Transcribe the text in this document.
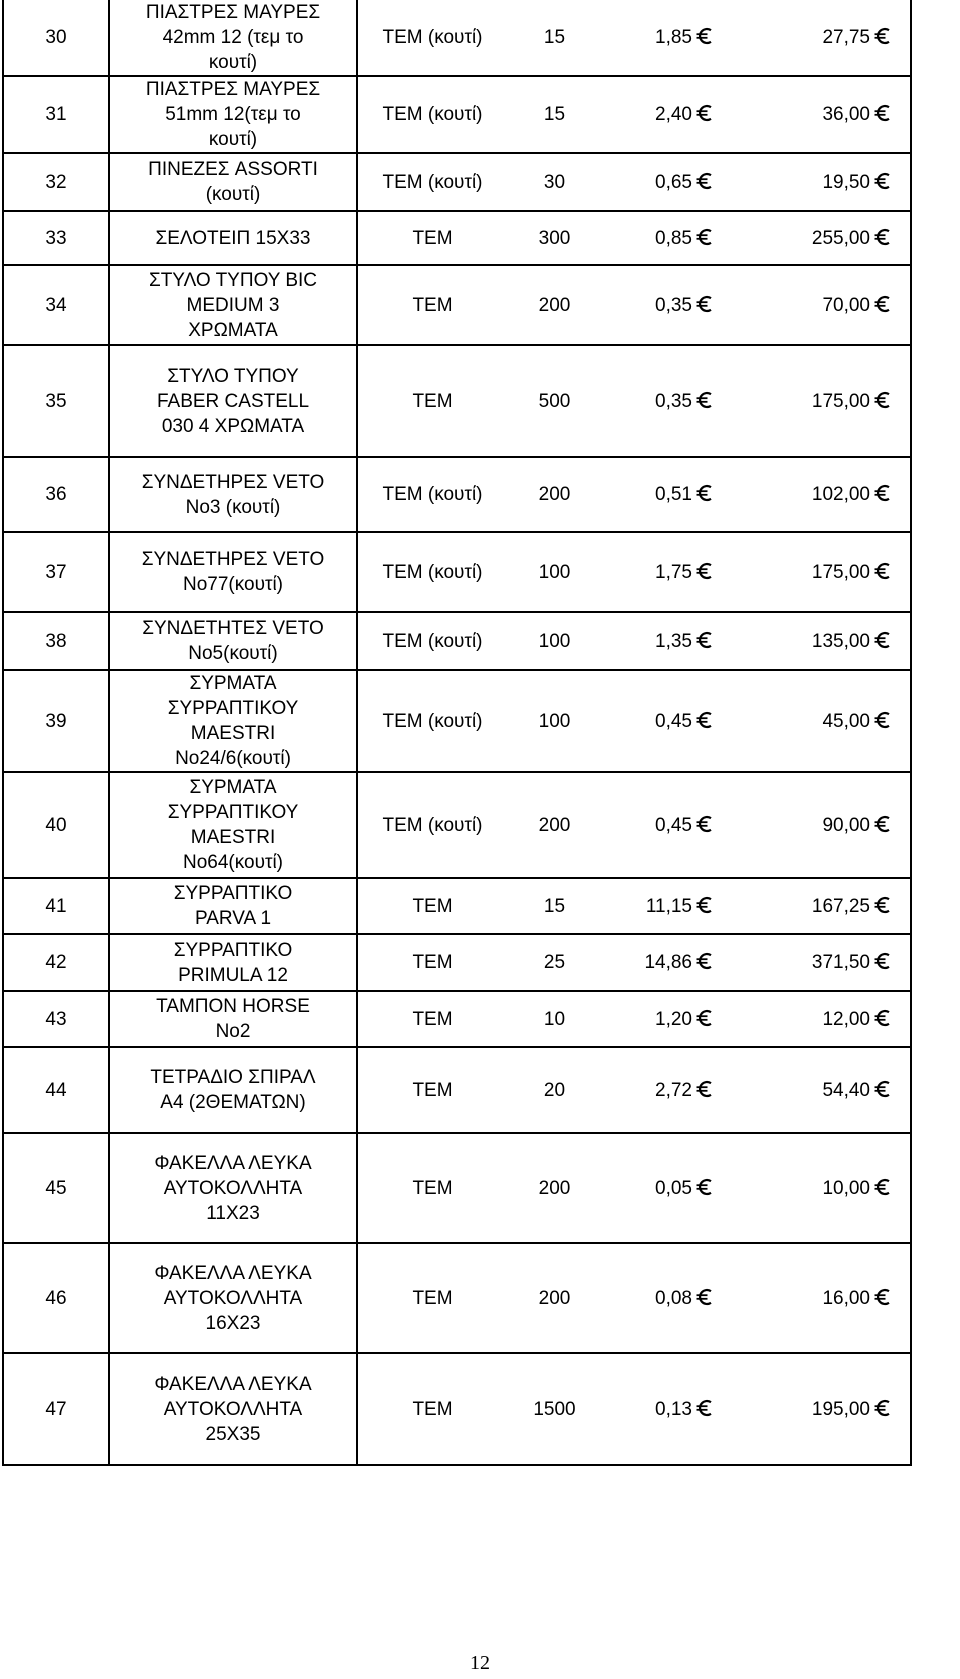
30	ΠΙΑΣΤΡΕΣ ΜΑΥΡΕΣ
42mm 12 (τεμ το
κουτί)	ΤΕΜ (κουτί)	15	1,85	27,75
31	ΠΙΑΣΤΡΕΣ ΜΑΥΡΕΣ
51mm 12(τεμ το
κουτί)	ΤΕΜ (κουτί)	15	2,40	36,00
32	ΠΙΝΕΖΕΣ ASSORTI
(κουτί)	ΤΕΜ (κουτί)	30	0,65	19,50
33	ΣΕΛΟΤΕΙΠ 15Χ33	ΤΕΜ	300	0,85	255,00
34	ΣΤΥΛΟ ΤΥΠΟΥ BIC
MEDIUM 3
ΧΡΩΜΑΤΑ	ΤΕΜ	200	0,35	70,00
35	ΣΤΥΛΟ ΤΥΠΟΥ
FABER CASTELL
030 4 ΧΡΩΜΑΤΑ	ΤΕΜ	500	0,35	175,00
36	ΣΥΝΔΕΤΗΡΕΣ VETO
No3 (κουτί)	ΤΕΜ (κουτί)	200	0,51	102,00
37	ΣΥΝΔΕΤΗΡΕΣ VETO
No77(κουτί)	ΤΕΜ (κουτί)	100	1,75	175,00
38	ΣΥΝΔΕΤΗΤΕΣ VETO
No5(κουτί)	ΤΕΜ (κουτί)	100	1,35	135,00
39	ΣΥΡΜΑΤΑ
ΣΥΡΡΑΠΤΙΚΟΥ
MAESTRI
No24/6(κουτί)	ΤΕΜ (κουτί)	100	0,45	45,00
40	ΣΥΡΜΑΤΑ
ΣΥΡΡΑΠΤΙΚΟΥ
MAESTRI
No64(κουτί)	ΤΕΜ (κουτί)	200	0,45	90,00
41	ΣΥΡΡΑΠΤΙΚΟ
PARVA 1	ΤΕΜ	15	11,15	167,25
42	ΣΥΡΡΑΠΤΙΚΟ
PRIMULA 12	ΤΕΜ	25	14,86	371,50
43	ΤΑΜΠΟΝ HORSE
No2	ΤΕΜ	10	1,20	12,00
44	ΤΕΤΡΑΔΙΟ ΣΠΙΡΑΛ
Α4 (2ΘΕΜΑΤΩΝ)	ΤΕΜ	20	2,72	54,40
45	ΦΑΚΕΛΛΑ ΛΕΥΚΑ
ΑΥΤΟΚΟΛΛΗΤΑ
11Χ23	ΤΕΜ	200	0,05	10,00
46	ΦΑΚΕΛΛΑ ΛΕΥΚΑ
ΑΥΤΟΚΟΛΛΗΤΑ
16Χ23	ΤΕΜ	200	0,08	16,00
47	ΦΑΚΕΛΛΑ ΛΕΥΚΑ
ΑΥΤΟΚΟΛΛΗΤΑ
25Χ35	ΤΕΜ	1500	0,13	195,00
12
